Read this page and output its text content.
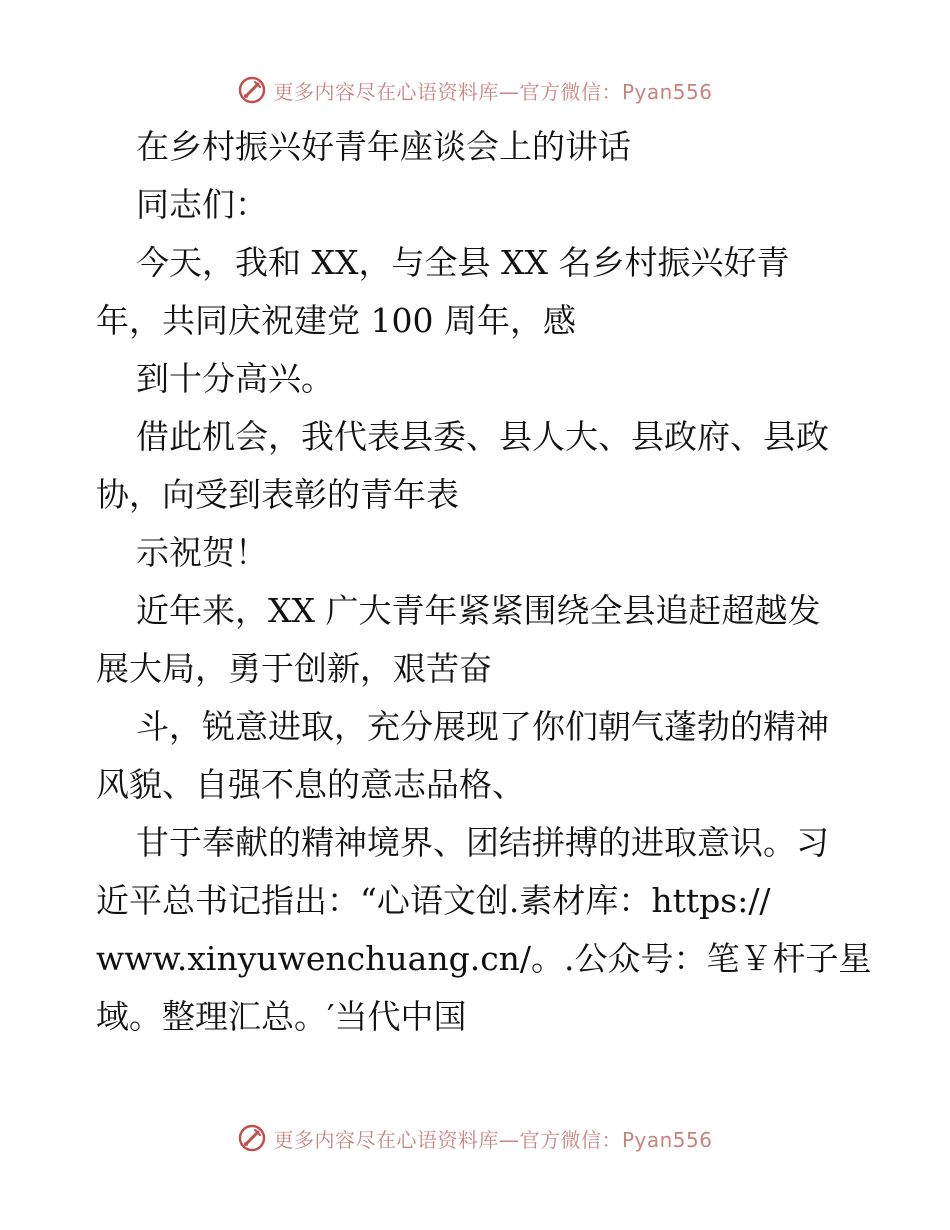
更多内容尽在心语资料库—官方微信：Pyan556
在乡村振兴好青年座谈会上的讲话
同志们：
今天，我和 XX，与全县 XX 名乡村振兴好青
年，共同庆祝建党 100 周年，感
到十分高兴。
借此机会，我代表县委、县人大、县政府、县政
协，向受到表彰的青年表
示祝贺！
近年来，XX 广大青年紧紧围绕全县追赶超越发
展大局，勇于创新，艰苦奋
斗，锐意进取，充分展现了你们朝气蓬勃的精神
风貌、自强不息的意志品格、
甘于奉献的精神境界、团结拼搏的进取意识。习
近平总书记指出：“心语文创.素材库：https://
www.xinyuwenchuang.cn/。.公众号：笔￥杆子星
域。整理汇总。′当代中国
更多内容尽在心语资料库—官方微信：Pyan556
